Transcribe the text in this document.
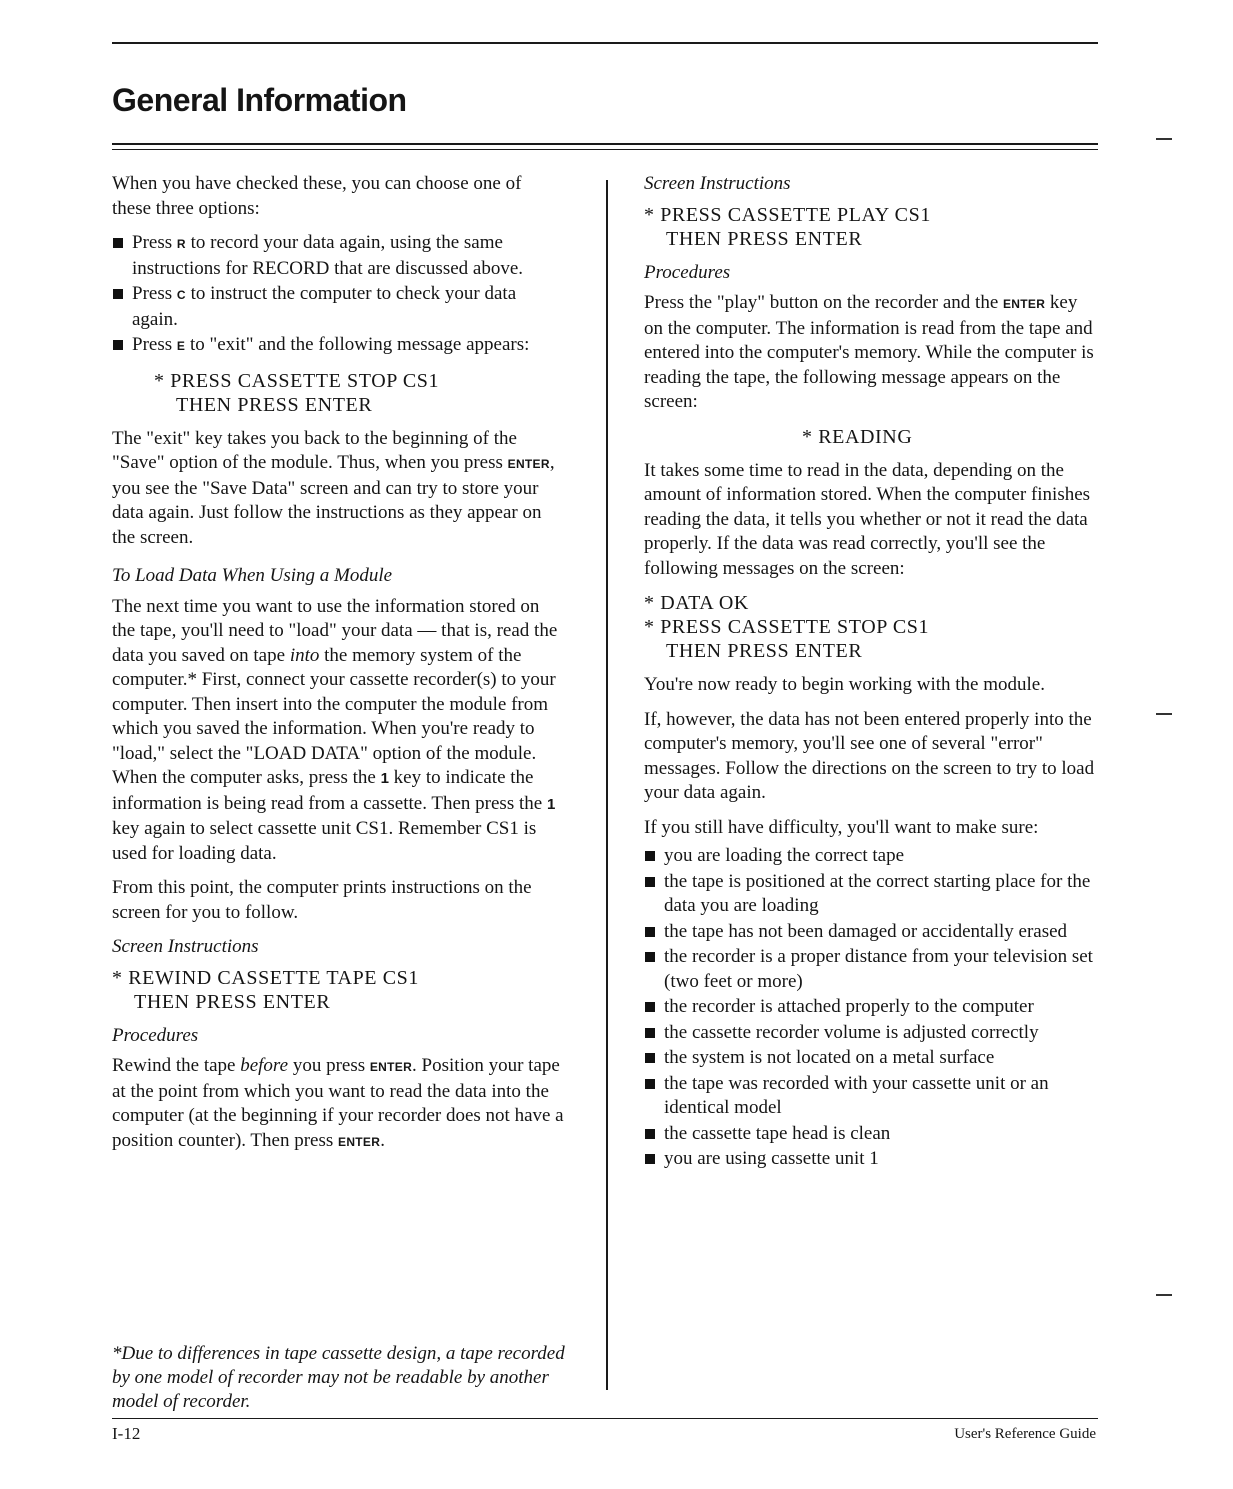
General Information

When you have checked these, you can choose one of these three options:

Press R to record your data again, using the same instructions for RECORD that are discussed above.
Press C to instruct the computer to check your data again.
Press E to "exit" and the following message appears:
* PRESS CASSETTE STOP CS1
THEN PRESS ENTER

The "exit" key takes you back to the beginning of the "Save" option of the module. Thus, when you press ENTER, you see the "Save Data" screen and can try to store your data again. Just follow the instructions as they appear on the screen.

To Load Data When Using a Module

The next time you want to use the information stored on the tape, you'll need to "load" your data — that is, read the data you saved on tape into the memory system of the computer.* First, connect your cassette recorder(s) to your computer. Then insert into the computer the module from which you saved the information. When you're ready to "load," select the "LOAD DATA" option of the module. When the computer asks, press the 1 key to indicate the information is being read from a cassette. Then press the 1 key again to select cassette unit CS1. Remember CS1 is used for loading data.

From this point, the computer prints instructions on the screen for you to follow.

Screen Instructions

* REWIND CASSETTE TAPE CS1
THEN PRESS ENTER

Procedures

Rewind the tape before you press ENTER. Position your tape at the point from which you want to read the data into the computer (at the beginning if your recorder does not have a position counter). Then press ENTER.

Screen Instructions

* PRESS CASSETTE PLAY CS1
THEN PRESS ENTER

Procedures

Press the "play" button on the recorder and the ENTER key on the computer. The information is read from the tape and entered into the computer's memory. While the computer is reading the tape, the following message appears on the screen:

* READING

It takes some time to read in the data, depending on the amount of information stored. When the computer finishes reading the data, it tells you whether or not it read the data properly. If the data was read correctly, you'll see the following messages on the screen:

* DATA OK
* PRESS CASSETTE STOP CS1
THEN PRESS ENTER

You're now ready to begin working with the module.

If, however, the data has not been entered properly into the computer's memory, you'll see one of several "error" messages. Follow the directions on the screen to try to load your data again.

If you still have difficulty, you'll want to make sure:

you are loading the correct tape
the tape is positioned at the correct starting place for the data you are loading
the tape has not been damaged or accidentally erased
the recorder is a proper distance from your television set (two feet or more)
the recorder is attached properly to the computer
the cassette recorder volume is adjusted correctly
the system is not located on a metal surface
the tape was recorded with your cassette unit or an identical model
the cassette tape head is clean
you are using cassette unit 1

*Due to differences in tape cassette design, a tape recorded by one model of recorder may not be readable by another model of recorder.

I-12	User's Reference Guide
